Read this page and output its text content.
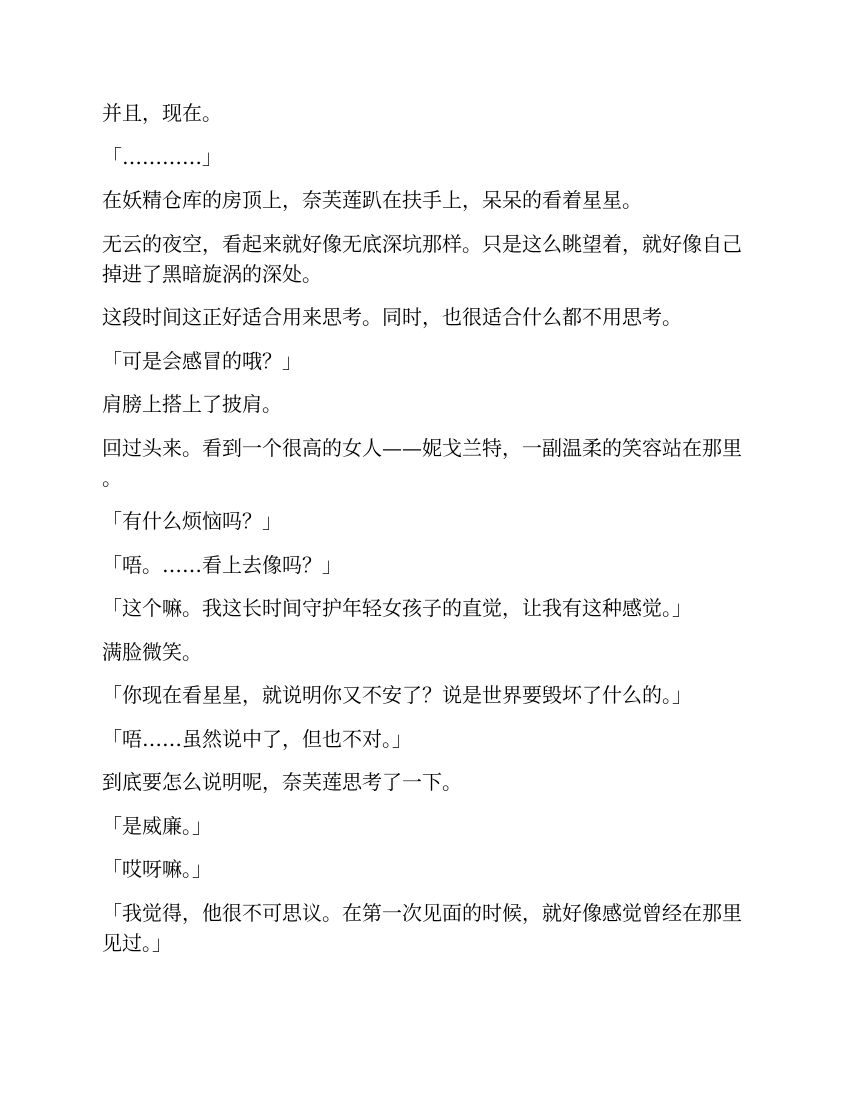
并且，现在。

「…………」

在妖精仓库的房顶上，奈芙莲趴在扶手上，呆呆的看着星星。

无云的夜空，看起来就好像无底深坑那样。只是这么眺望着，就好像自己掉进了黑暗旋涡的深处。

这段时间这正好适合用来思考。同时，也很适合什么都不用思考。

「可是会感冒的哦？」

肩膀上搭上了披肩。

回过头来。看到一个很高的女人——妮戈兰特，一副温柔的笑容站在那里。

「有什么烦恼吗？」

「唔。……看上去像吗？」

「这个嘛。我这长时间守护年轻女孩子的直觉，让我有这种感觉。」

满脸微笑。

「你现在看星星，就说明你又不安了？说是世界要毁坏了什么的。」

「唔……虽然说中了，但也不对。」

到底要怎么说明呢，奈芙莲思考了一下。

「是威廉。」

「哎呀嘛。」

「我觉得，他很不可思议。在第一次见面的时候，就好像感觉曾经在那里见过。」
